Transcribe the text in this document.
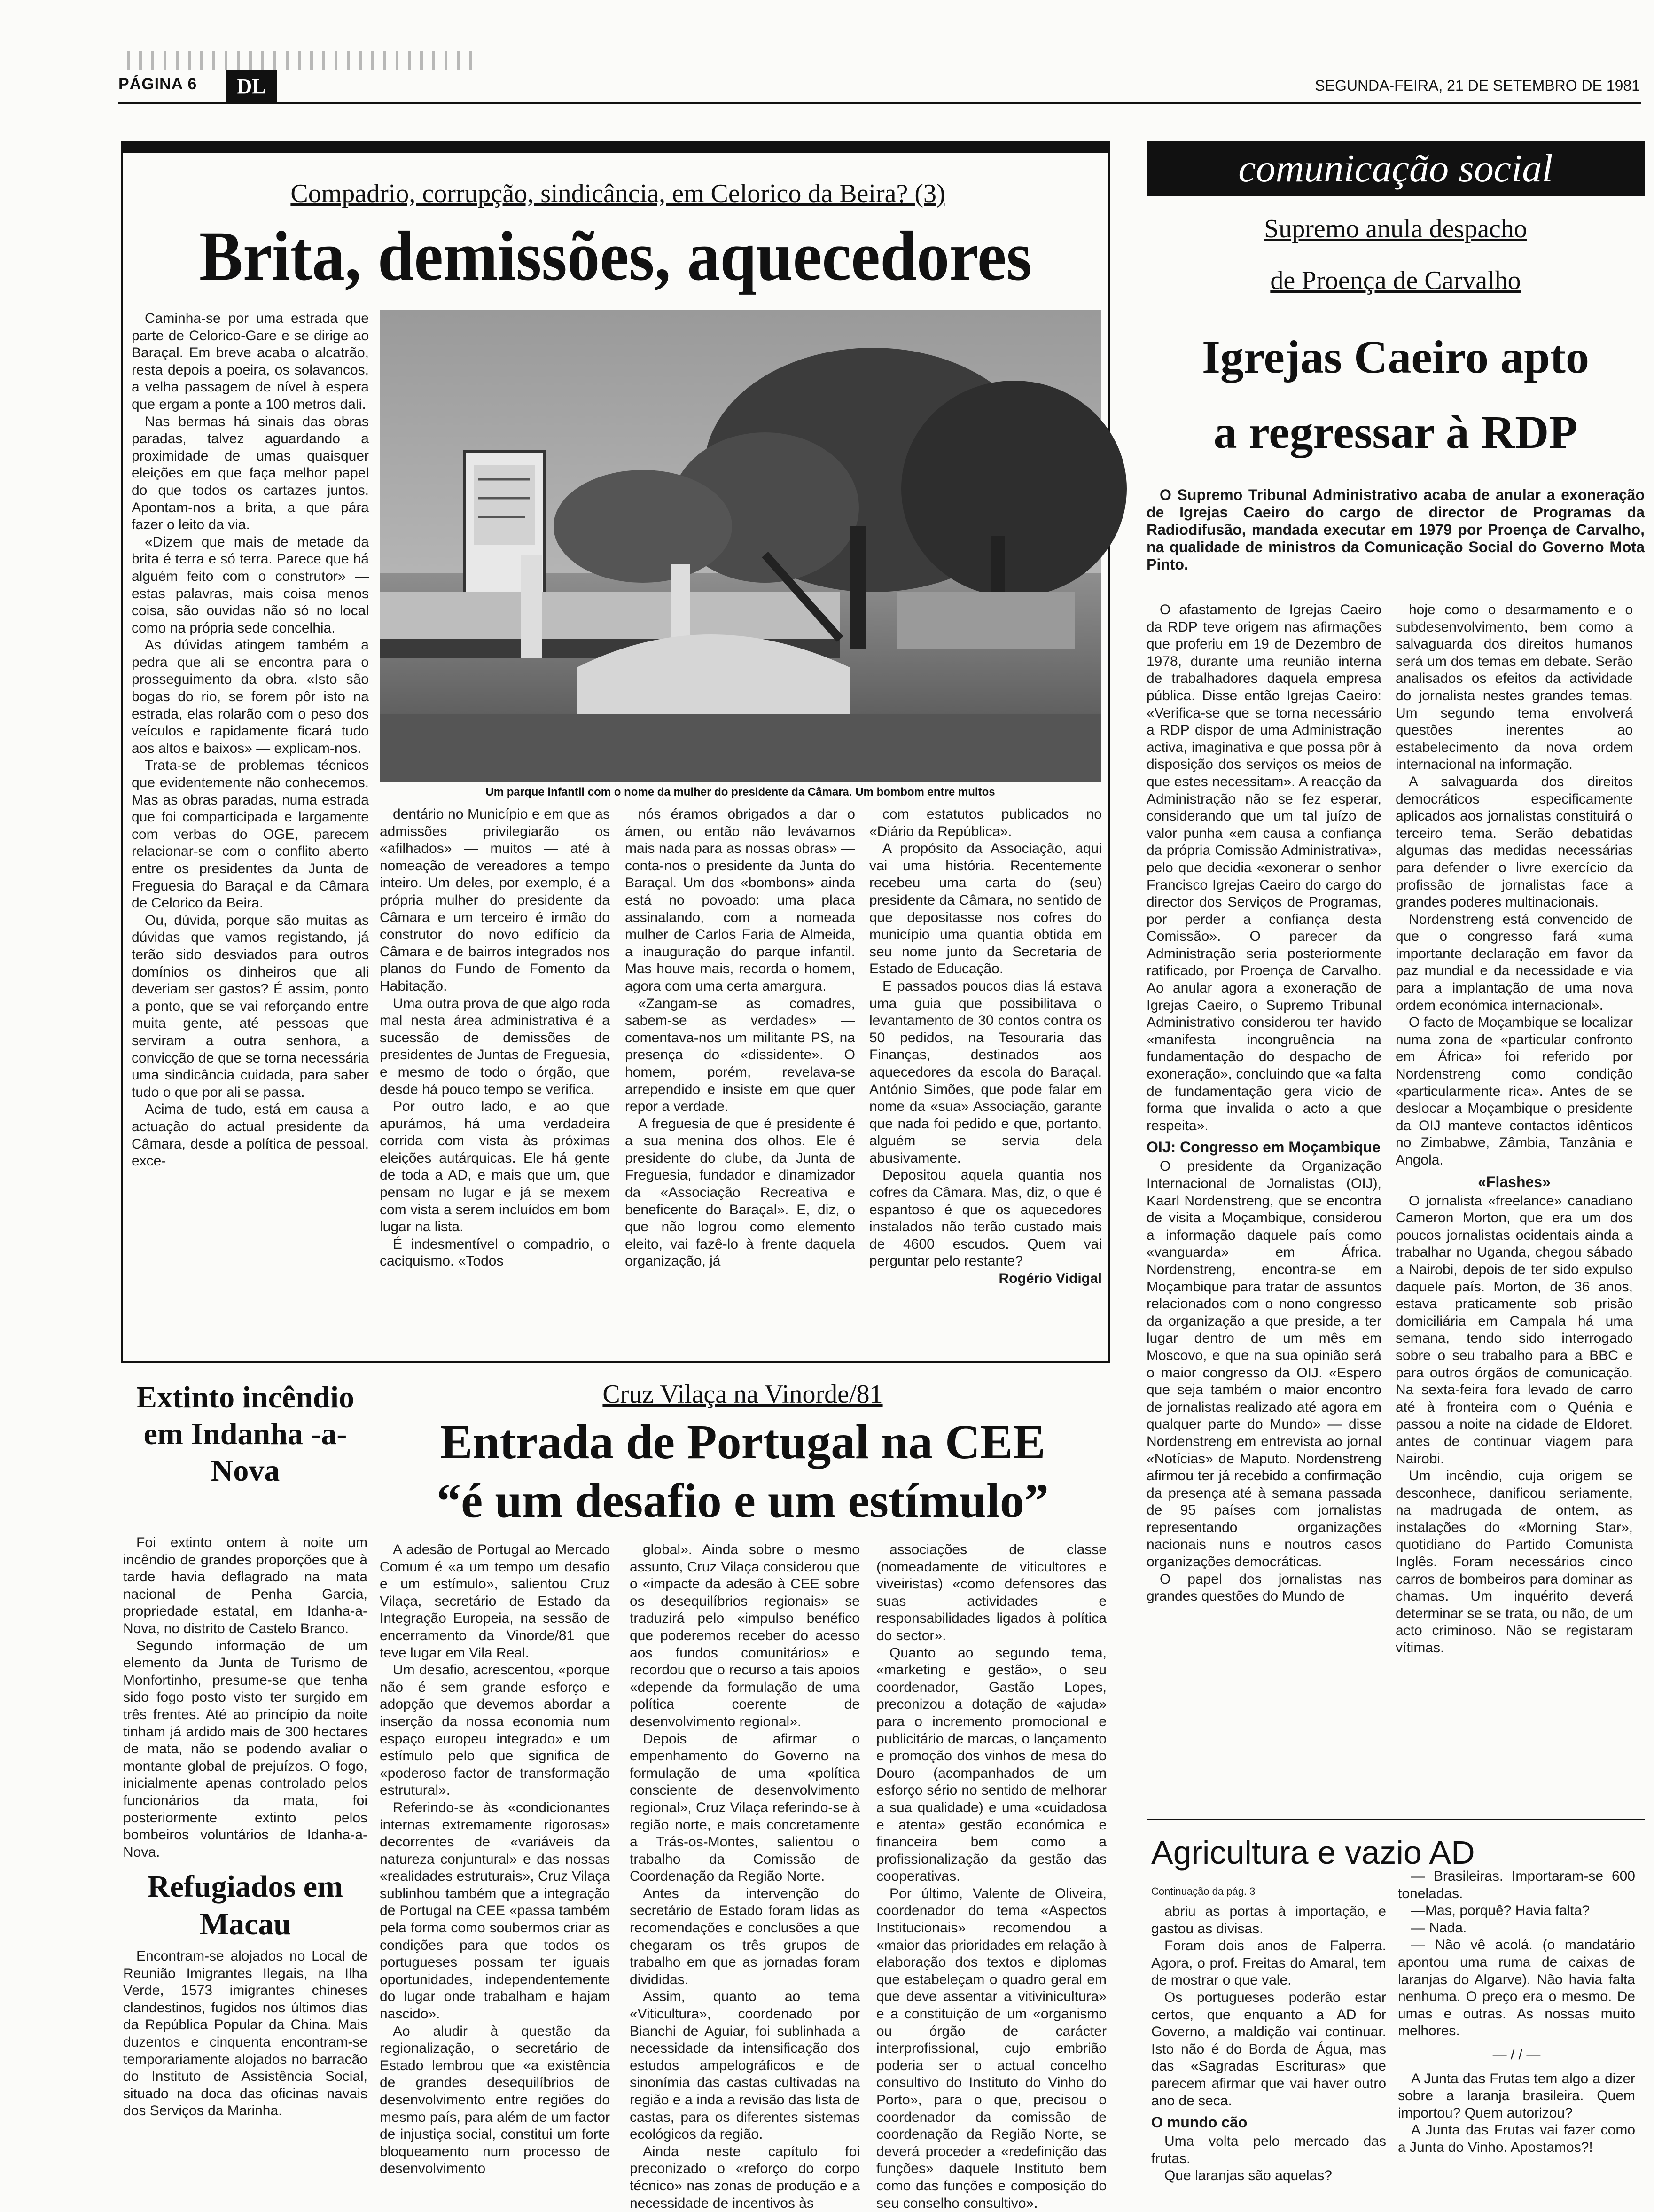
PÁGINA 6	DL	SEGUNDA-FEIRA, 21 DE SETEMBRO DE 1981
Compadrio, corrupção, sindicância, em Celorico da Beira? (3)
Brita, demissões, aquecedores
Um parque infantil com o nome da mulher do presidente da Câmara. Um bombom entre muitos

Caminha-se por uma estrada que parte de Celorico-Gare e se dirige ao Baraçal. Em breve acaba o alcatrão, resta depois a poeira, os solavancos, a velha passagem de nível à espera que ergam a ponte a 100 metros dali.

Nas bermas há sinais das obras paradas, talvez aguardando a proximidade de umas quaisquer eleições em que faça melhor papel do que todos os cartazes juntos. Apontam-nos a brita, a que pára fazer o leito da via.

«Dizem que mais de metade da brita é terra e só terra. Parece que há alguém feito com o construtor» — estas palavras, mais coisa menos coisa, são ouvidas não só no local como na própria sede concelhia.

As dúvidas atingem também a pedra que ali se encontra para o prosseguimento da obra. «Isto são bogas do rio, se forem pôr isto na estrada, elas rolarão com o peso dos veículos e rapidamente ficará tudo aos altos e baixos» — explicam-nos.

Trata-se de problemas técnicos que evidentemente não conhecemos. Mas as obras paradas, numa estrada que foi comparticipada e largamente com verbas do OGE, parecem relacionar-se com o conflito aberto entre os presidentes da Junta de Freguesia do Baraçal e da Câmara de Celorico da Beira.

Ou, dúvida, porque são muitas as dúvidas que vamos registando, já terão sido desviados para outros domínios os dinheiros que ali deveriam ser gastos? É assim, ponto a ponto, que se vai reforçando entre muita gente, até pessoas que serviram a outra senhora, a convicção de que se torna necessária uma sindicância cuidada, para saber tudo o que por ali se passa.

Acima de tudo, está em causa a actuação do actual presidente da Câmara, desde a política de pessoal, exce-

dentário no Município e em que as admissões privilegiarão os «afilhados» — muitos — até à nomeação de vereadores a tempo inteiro. Um deles, por exemplo, é a própria mulher do presidente da Câmara e um terceiro é irmão do construtor do novo edifício da Câmara e de bairros integrados nos planos do Fundo de Fomento da Habitação.

Uma outra prova de que algo roda mal nesta área administrativa é a sucessão de demissões de presidentes de Juntas de Freguesia, e mesmo de todo o órgão, que desde há pouco tempo se verifica.

Por outro lado, e ao que apurámos, há uma verdadeira corrida com vista às próximas eleições autárquicas. Ele há gente de toda a AD, e mais que um, que pensam no lugar e já se mexem com vista a serem incluídos em bom lugar na lista.

É indesmentível o compadrio, o caciquismo. «Todos

nós éramos obrigados a dar o ámen, ou então não levávamos mais nada para as nossas obras» — conta-nos o presidente da Junta do Baraçal. Um dos «bombons» ainda está no povoado: uma placa assinalando, com a nomeada mulher de Carlos Faria de Almeida, a inauguração do parque infantil. Mas houve mais, recorda o homem, agora com uma certa amargura.

«Zangam-se as comadres, sabem-se as verdades» — comentava-nos um militante PS, na presença do «dissidente». O homem, porém, revelava-se arrependido e insiste em que quer repor a verdade.

A freguesia de que é presidente é a sua menina dos olhos. Ele é presidente do clube, da Junta de Freguesia, fundador e dinamizador da «Associação Recreativa e beneficente do Baraçal». E, diz, o que não logrou como elemento eleito, vai fazê-lo à frente daquela organização, já

com estatutos publicados no «Diário da República».

A propósito da Associação, aqui vai uma história. Recentemente recebeu uma carta do (seu) presidente da Câmara, no sentido de que depositasse nos cofres do município uma quantia obtida em seu nome junto da Secretaria de Estado de Educação.

E passados poucos dias lá estava uma guia que possibilitava o levantamento de 30 contos contra os 50 pedidos, na Tesouraria das Finanças, destinados aos aquecedores da escola do Baraçal. António Simões, que pode falar em nome da «sua» Associação, garante que nada foi pedido e que, portanto, alguém se servia dela abusivamente.

Depositou aquela quantia nos cofres da Câmara. Mas, diz, o que é espantoso é que os aquecedores instalados não terão custado mais de 4600 escudos. Quem vai perguntar pelo restante?

Rogério Vidigal

comunicação social
Supremo anula despacho
de Proença de Carvalho
Igrejas Caeiro apto
a regressar à RDP

O Supremo Tribunal Administrativo acaba de anular a exoneração de Igrejas Caeiro do cargo de director de Programas da Radiodifusão, mandada executar em 1979 por Proença de Carvalho, na qualidade de ministros da Comunicação Social do Governo Mota Pinto.

O afastamento de Igrejas Caeiro da RDP teve origem nas afirmações que proferiu em 19 de Dezembro de 1978, durante uma reunião interna de trabalhadores daquela empresa pública. Disse então Igrejas Caeiro: «Verifica-se que se torna necessário a RDP dispor de uma Administração activa, imaginativa e que possa pôr à disposição dos serviços os meios de que estes necessitam». A reacção da Administração não se fez esperar, considerando que um tal juízo de valor punha «em causa a confiança da própria Comissão Administrativa», pelo que decidia «exonerar o senhor Francisco Igrejas Caeiro do cargo do director dos Serviços de Programas, por perder a confiança desta Comissão». O parecer da Administração seria posteriormente ratificado, por Proença de Carvalho. Ao anular agora a exoneração de Igrejas Caeiro, o Supremo Tribunal Administrativo considerou ter havido «manifesta incongruência na fundamentação do despacho de exoneração», concluindo que «a falta de fundamentação gera vício de forma que invalida o acto a que respeita».

OIJ: Congresso em Moçambique

O presidente da Organização Internacional de Jornalistas (OIJ), Kaarl Nordenstreng, que se encontra de visita a Moçambique, considerou a informação daquele país como «vanguarda» em África. Nordenstreng, encontra-se em Moçambique para tratar de assuntos relacionados com o nono congresso da organização a que preside, a ter lugar dentro de um mês em Moscovo, e que na sua opinião será o maior congresso da OIJ. «Espero que seja também o maior encontro de jornalistas realizado até agora em qualquer parte do Mundo» — disse Nordenstreng em entrevista ao jornal «Notícias» de Maputo. Nordenstreng afirmou ter já recebido a confirmação da presença até à semana passada de 95 países com jornalistas representando organizações nacionais nuns e noutros casos organizações democráticas.

O papel dos jornalistas nas grandes questões do Mundo de

hoje como o desarmamento e o subdesenvolvimento, bem como a salvaguarda dos direitos humanos será um dos temas em debate. Serão analisados os efeitos da actividade do jornalista nestes grandes temas. Um segundo tema envolverá questões inerentes ao estabelecimento da nova ordem internacional na informação.

A salvaguarda dos direitos democráticos especificamente aplicados aos jornalistas constituirá o terceiro tema. Serão debatidas algumas das medidas necessárias para defender o livre exercício da profissão de jornalistas face a grandes poderes multinacionais.

Nordenstreng está convencido de que o congresso fará «uma importante declaração em favor da paz mundial e da necessidade e via para a implantação de uma nova ordem económica internacional».

O facto de Moçambique se localizar numa zona de «particular confronto em África» foi referido por Nordenstreng como condição «particularmente rica». Antes de se deslocar a Moçambique o presidente da OIJ manteve contactos idênticos no Zimbabwe, Zâmbia, Tanzânia e Angola.

«Flashes»

O jornalista «freelance» canadiano Cameron Morton, que era um dos poucos jornalistas ocidentais ainda a trabalhar no Uganda, chegou sábado a Nairobi, depois de ter sido expulso daquele país. Morton, de 36 anos, estava praticamente sob prisão domiciliária em Campala há uma semana, tendo sido interrogado sobre o seu trabalho para a BBC e para outros órgãos de comunicação. Na sexta-feira fora levado de carro até à fronteira com o Quénia e passou a noite na cidade de Eldoret, antes de continuar viagem para Nairobi.

Um incêndio, cuja origem se desconhece, danificou seriamente, na madrugada de ontem, as instalações do «Morning Star», quotidiano do Partido Comunista Inglês. Foram necessários cinco carros de bombeiros para dominar as chamas. Um inquérito deverá determinar se se trata, ou não, de um acto criminoso. Não se registaram vítimas.

Extinto incêndio em Indanha -a-Nova

Foi extinto ontem à noite um incêndio de grandes proporções que à tarde havia deflagrado na mata nacional de Penha Garcia, propriedade estatal, em Idanha-a-Nova, no distrito de Castelo Branco.

Segundo informação de um elemento da Junta de Turismo de Monfortinho, presume-se que tenha sido fogo posto visto ter surgido em três frentes. Até ao princípio da noite tinham já ardido mais de 300 hectares de mata, não se podendo avaliar o montante global de prejuízos. O fogo, inicialmente apenas controlado pelos funcionários da mata, foi posteriormente extinto pelos bombeiros voluntários de Idanha-a-Nova.

Refugiados em Macau

Encontram-se alojados no Local de Reunião Imigrantes Ilegais, na Ilha Verde, 1573 imigrantes chineses clandestinos, fugidos nos últimos dias da República Popular da China. Mais duzentos e cinquenta encontram-se temporariamente alojados no barracão do Instituto de Assistência Social, situado na doca das oficinas navais dos Serviços da Marinha.

Cruz Vilaça na Vinorde/81
Entrada de Portugal na CEE
“é um desafio e um estímulo”

A adesão de Portugal ao Mercado Comum é «a um tempo um desafio e um estímulo», salientou Cruz Vilaça, secretário de Estado da Integração Europeia, na sessão de encerramento da Vinorde/81 que teve lugar em Vila Real.

Um desafio, acrescentou, «porque não é sem grande esforço e adopção que devemos abordar a inserção da nossa economia num espaço europeu integrado» e um estímulo pelo que significa de «poderoso factor de transformação estrutural».

Referindo-se às «condicionantes internas extremamente rigorosas» decorrentes de «variáveis da natureza conjuntural» e das nossas «realidades estruturais», Cruz Vilaça sublinhou também que a integração de Portugal na CEE «passa também pela forma como soubermos criar as condições para que todos os portugueses possam ter iguais oportunidades, independentemente do lugar onde trabalham e hajam nascido».

Ao aludir à questão da regionalização, o secretário de Estado lembrou que «a existência de grandes desequilíbrios de desenvolvimento entre regiões do mesmo país, para além de um factor de injustiça social, constitui um forte bloqueamento num processo de desenvolvimento

global». Ainda sobre o mesmo assunto, Cruz Vilaça considerou que o «impacte da adesão à CEE sobre os desequilíbrios regionais» se traduzirá pelo «impulso benéfico que poderemos receber do acesso aos fundos comunitários» e recordou que o recurso a tais apoios «depende da formulação de uma política coerente de desenvolvimento regional».

Depois de afirmar o empenhamento do Governo na formulação de uma «política consciente de desenvolvimento regional», Cruz Vilaça referindo-se à região norte, e mais concretamente a Trás-os-Montes, salientou o trabalho da Comissão de Coordenação da Região Norte.

Antes da intervenção do secretário de Estado foram lidas as recomendações e conclusões a que chegaram os três grupos de trabalho em que as jornadas foram divididas.

Assim, quanto ao tema «Viticultura», coordenado por Bianchi de Aguiar, foi sublinhada a necessidade da intensificação dos estudos ampelográficos e de sinonímia das castas cultivadas na região e a inda a revisão das lista de castas, para os diferentes sistemas ecológicos da região.

Ainda neste capítulo foi preconizado o «reforço do corpo técnico» nas zonas de produção e a necessidade de incentivos às

associações de classe (nomeadamente de viticultores e viveiristas) «como defensores das suas actividades e responsabilidades ligados à política do sector».

Quanto ao segundo tema, «marketing e gestão», o seu coordenador, Gastão Lopes, preconizou a dotação de «ajuda» para o incremento promocional e publicitário de marcas, o lançamento e promoção dos vinhos de mesa do Douro (acompanhados de um esforço sério no sentido de melhorar a sua qualidade) e uma «cuidadosa e atenta» gestão económica e financeira bem como a profissionalização da gestão das cooperativas.

Por último, Valente de Oliveira, coordenador do tema «Aspectos Institucionais» recomendou a «maior das prioridades em relação à elaboração dos textos e diplomas que estabeleçam o quadro geral em que deve assentar a vitivinicultura» e a constituição de um «organismo ou órgão de carácter interprofissional, cujo embrião poderia ser o actual concelho consultivo do Instituto do Vinho do Porto», para o que, precisou o coordenador da comissão de coordenação da Região Norte, se deverá proceder a «redefinição das funções» daquele Instituto bem como das funções e composição do seu conselho consultivo».

Agricultura e vazio AD
Continuação da pág. 3

abriu as portas à importação, e gastou as divisas.

Foram dois anos de Falperra. Agora, o prof. Freitas do Amaral, tem de mostrar o que vale.

Os portugueses poderão estar certos, que enquanto a AD for Governo, a maldição vai continuar. Isto não é do Borda de Água, mas das «Sagradas Escrituras» que parecem afirmar que vai haver outro ano de seca.

O mundo cão

Uma volta pelo mercado das frutas.

Que laranjas são aquelas?

— Brasileiras. Importaram-se 600 toneladas.

—Mas, porquê? Havia falta?

— Nada.

— Não vê acolá. (o mandatário apontou uma ruma de caixas de laranjas do Algarve). Não havia falta nenhuma. O preço era o mesmo. De umas e outras. As nossas muito melhores.

— / / —

A Junta das Frutas tem algo a dizer sobre a laranja brasileira. Quem importou? Quem autorizou?

A Junta das Frutas vai fazer como a Junta do Vinho. Apostamos?!
